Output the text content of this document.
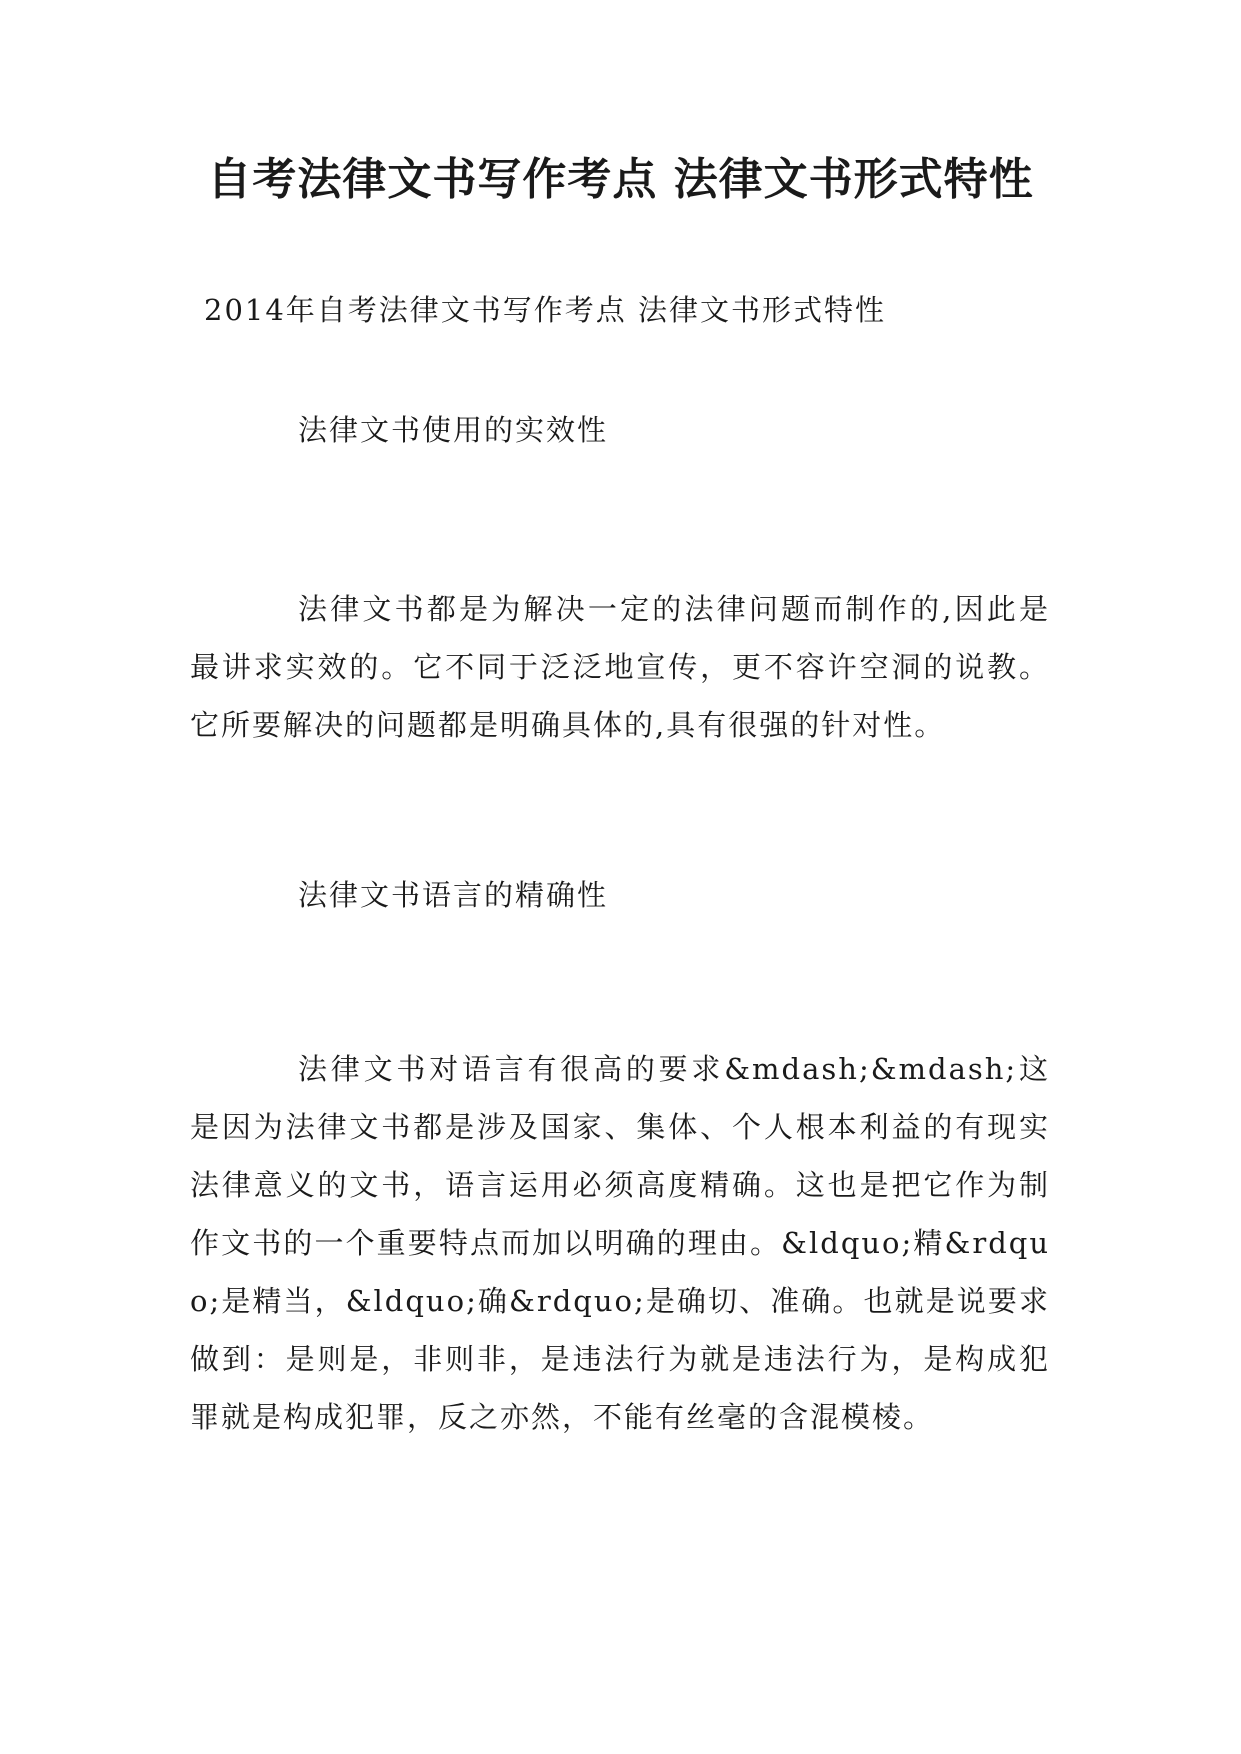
自考法律文书写作考点 法律文书形式特性

2014年自考法律文书写作考点 法律文书形式特性

法律文书使用的实效性

法律文书都是为解决一定的法律问题而制作的,因此是最讲求实效的。它不同于泛泛地宣传，更不容许空洞的说教。它所要解决的问题都是明确具体的,具有很强的针对性。

法律文书语言的精确性

法律文书对语言有很高的要求&mdash;&mdash;这是因为法律文书都是涉及国家、集体、个人根本利益的有现实法律意义的文书，语言运用必须高度精确。这也是把它作为制作文书的一个重要特点而加以明确的理由。&ldquo;精&rdquo;是精当，&ldquo;确&rdquo;是确切、准确。也就是说要求做到：是则是，非则非，是违法行为就是违法行为，是构成犯罪就是构成犯罪，反之亦然，不能有丝毫的含混模棱。
